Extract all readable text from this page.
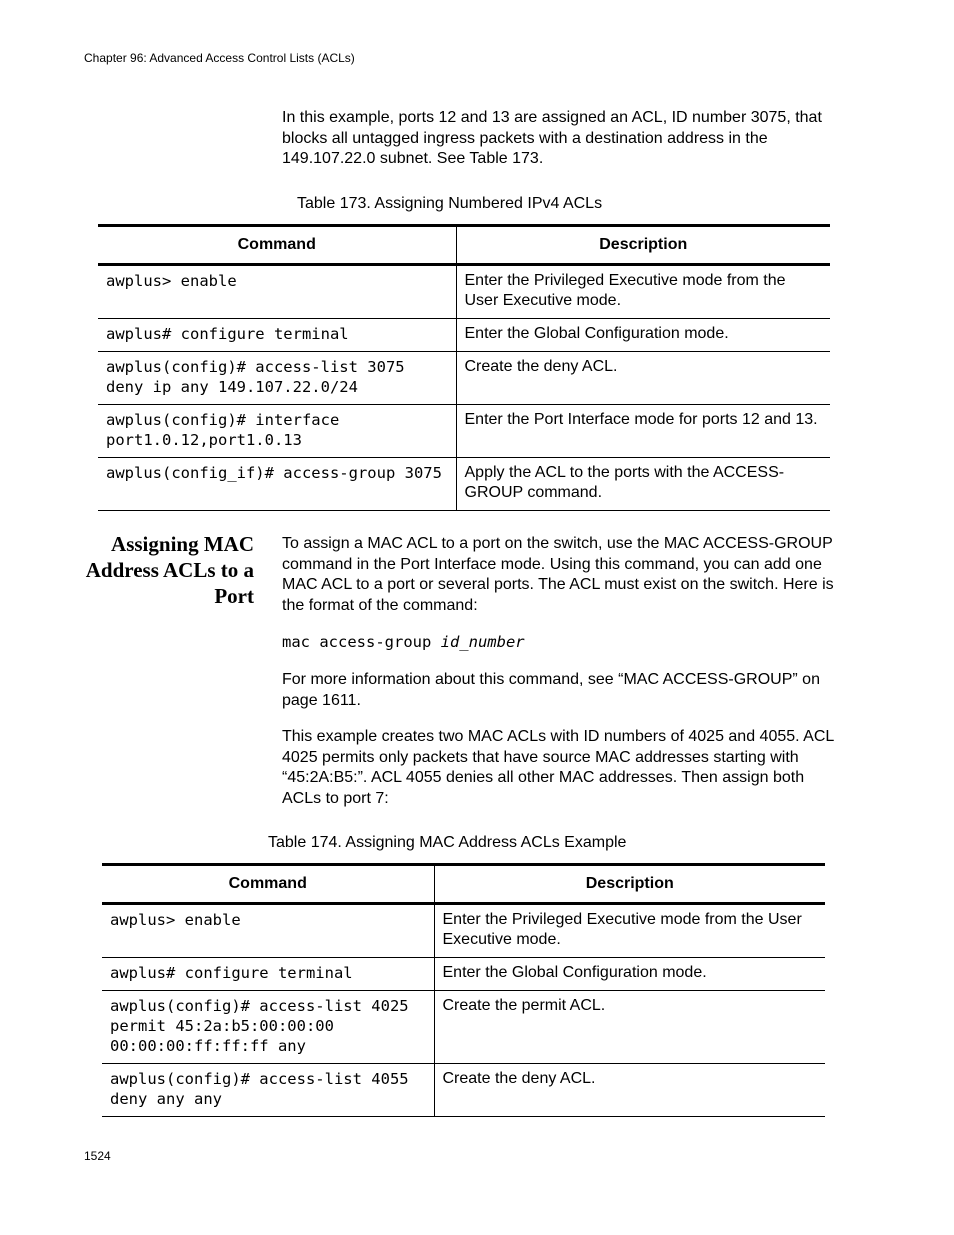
Chapter 96: Advanced Access Control Lists (ACLs)
In this example, ports 12 and 13 are assigned an ACL, ID number 3075, that blocks all untagged ingress packets with a destination address in the 149.107.22.0 subnet. See Table 173.
Table 173. Assigning Numbered IPv4 ACLs
Command	Description
awplus> enable	Enter the Privileged Executive mode from the User Executive mode.
awplus# configure terminal	Enter the Global Configuration mode.
awplus(config)# access-list 3075 deny ip any 149.107.22.0/24	Create the deny ACL.
awplus(config)# interface port1.0.12,port1.0.13	Enter the Port Interface mode for ports 12 and 13.
awplus(config_if)# access-group 3075	Apply the ACL to the ports with the ACCESS-GROUP command.
Assigning MAC Address ACLs to a Port
To assign a MAC ACL to a port on the switch, use the MAC ACCESS-GROUP command in the Port Interface mode. Using this command, you can add one MAC ACL to a port or several ports. The ACL must exist on the switch. Here is the format of the command:
mac access-group id_number
For more information about this command, see “MAC ACCESS-GROUP” on page 1611.
This example creates two MAC ACLs with ID numbers of 4025 and 4055. ACL 4025 permits only packets that have source MAC addresses starting with “45:2A:B5:”. ACL 4055 denies all other MAC addresses. Then assign both ACLs to port 7:
Table 174. Assigning MAC Address ACLs Example
Command	Description
awplus> enable	Enter the Privileged Executive mode from the User Executive mode.
awplus# configure terminal	Enter the Global Configuration mode.
awplus(config)# access-list 4025 permit 45:2a:b5:00:00:00 00:00:00:ff:ff:ff any	Create the permit ACL.
awplus(config)# access-list 4055 deny any any	Create the deny ACL.
1524
